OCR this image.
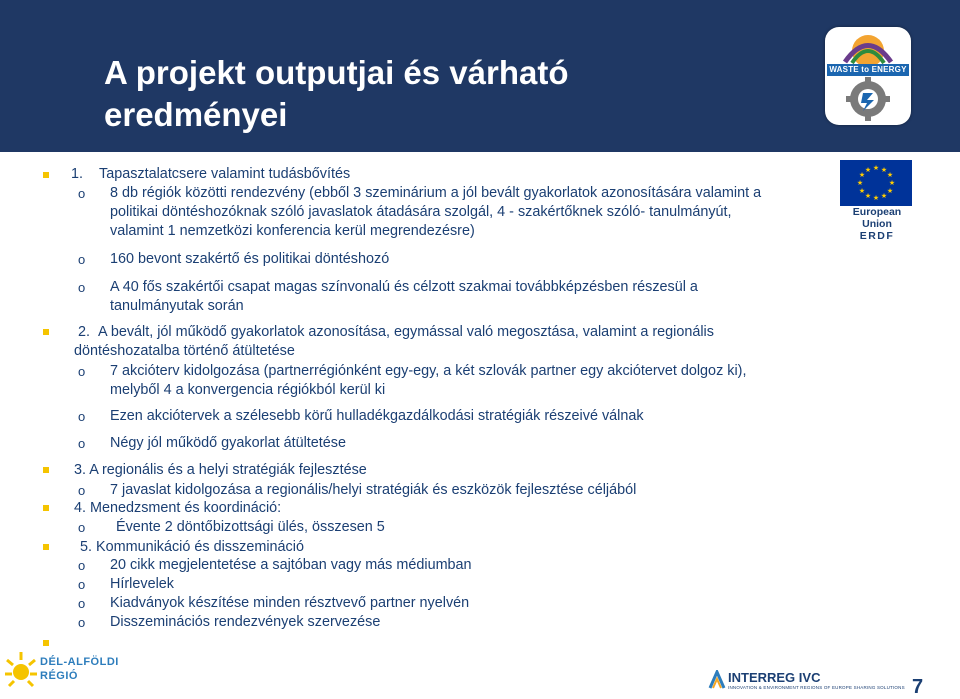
A projekt outputjai és várható
eredményei
WASTE to ENERGY
★ ★
★
★
★
★
★
★
★
★
★
★
European Union
ERDF
1. Tapasztalatcsere valamint tudásbővítés
o 8 db régiók közötti rendezvény (ebből 3 szeminárium a jól bevált gyakorlatok azonosítására valamint a
politikai döntéshozóknak szóló javaslatok átadására szolgál, 4 - szakértőknek szóló- tanulmányút,
valamint 1 nemzetközi konferencia kerül megrendezésre)
o 160 bevont szakértő és politikai döntéshozó
o A 40 fős szakértői csapat magas színvonalú és célzott szakmai továbbképzésben részesül a
tanulmányutak során
2. A bevált, jól működő gyakorlatok azonosítása, egymással való megosztása, valamint a regionális
döntéshozatalba történő átültetése
o 7 akcióterv kidolgozása (partnerrégiónként egy-egy, a két szlovák partner egy akciótervet dolgoz ki),
melyből 4 a konvergencia régiókból kerül ki
o Ezen akciótervek a szélesebb körű hulladékgazdálkodási stratégiák részeivé válnak
o Négy jól működő gyakorlat átültetése
3. A regionális és a helyi stratégiák fejlesztése
o 7 javaslat kidolgozása a regionális/helyi stratégiák és eszközök fejlesztése céljából
4. Menedzsment és koordináció:
o Évente 2 döntőbizottsági ülés, összesen 5
5. Kommunikáció és disszemináció
o 20 cikk megjelentetése a sajtóban vagy más médiumban
o Hírlevelek
o Kiadványok készítése minden résztvevő partner nyelvén
o Disszeminációs rendezvények szervezése
DÉL-ALFÖLDI
RÉGIÓ	INTERREG IVC
INNOVATION & ENVIRONMENT REGIONS OF EUROPE SHARING SOLUTIONS 7
